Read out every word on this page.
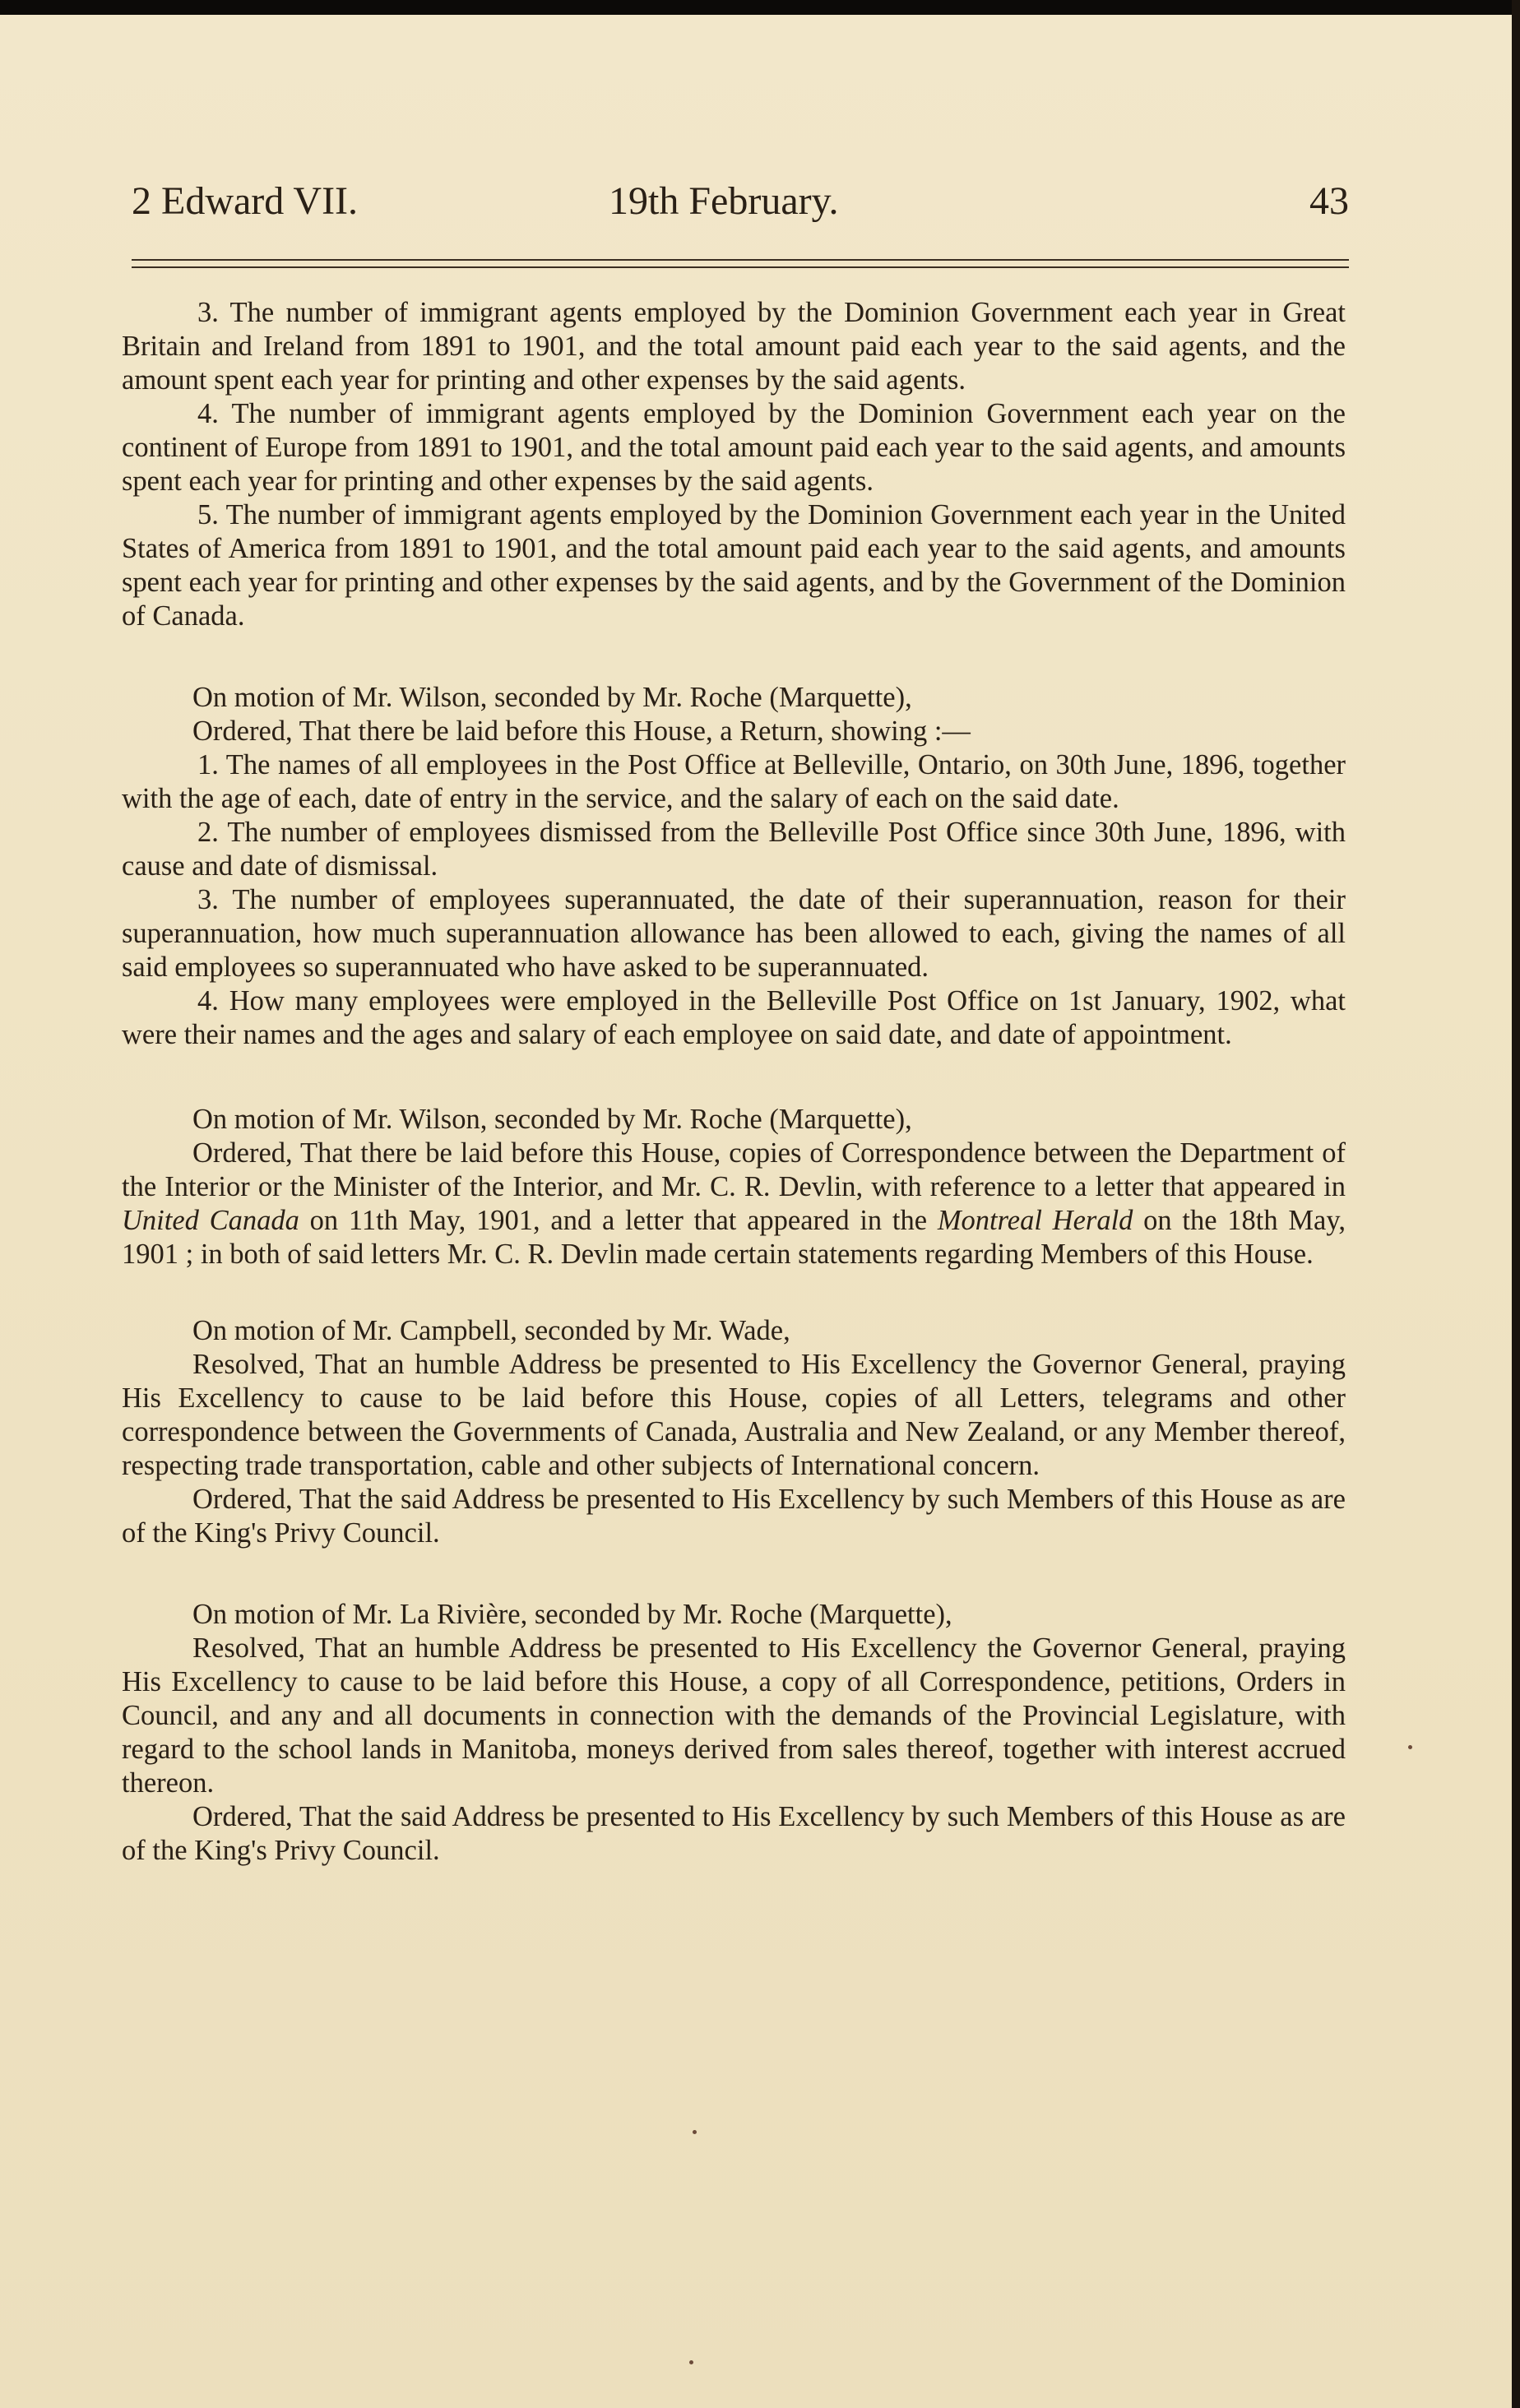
2 Edward VII.	19th February.	43

3. The number of immigrant agents employed by the Dominion Government each year in Great Britain and Ireland from 1891 to 1901, and the total amount paid each year to the said agents, and the amount spent each year for printing and other expenses by the said agents.

4. The number of immigrant agents employed by the Dominion Government each year on the continent of Europe from 1891 to 1901, and the total amount paid each year to the said agents, and amounts spent each year for printing and other expenses by the said agents.

5. The number of immigrant agents employed by the Dominion Government each year in the United States of America from 1891 to 1901, and the total amount paid each year to the said agents, and amounts spent each year for printing and other expenses by the said agents, and by the Government of the Dominion of Canada.

On motion of Mr. Wilson, seconded by Mr. Roche (Marquette),

Ordered, That there be laid before this House, a Return, showing :—

1. The names of all employees in the Post Office at Belleville, Ontario, on 30th June, 1896, together with the age of each, date of entry in the service, and the salary of each on the said date.

2. The number of employees dismissed from the Belleville Post Office since 30th June, 1896, with cause and date of dismissal.

3. The number of employees superannuated, the date of their superannuation, reason for their superannuation, how much superannuation allowance has been allowed to each, giving the names of all said employees so superannuated who have asked to be superannuated.

4. How many employees were employed in the Belleville Post Office on 1st January, 1902, what were their names and the ages and salary of each employee on said date, and date of appointment.

On motion of Mr. Wilson, seconded by Mr. Roche (Marquette),

Ordered, That there be laid before this House, copies of Correspondence between the Department of the Interior or the Minister of the Interior, and Mr. C. R. Devlin, with reference to a letter that appeared in United Canada on 11th May, 1901, and a letter that appeared in the Montreal Herald on the 18th May, 1901 ; in both of said letters Mr. C. R. Devlin made certain statements regarding Members of this House.

On motion of Mr. Campbell, seconded by Mr. Wade,

Resolved, That an humble Address be presented to His Excellency the Governor General, praying His Excellency to cause to be laid before this House, copies of all Letters, telegrams and other correspondence between the Governments of Canada, Australia and New Zealand, or any Member thereof, respecting trade transportation, cable and other subjects of International concern.

Ordered, That the said Address be presented to His Excellency by such Members of this House as are of the King's Privy Council.

On motion of Mr. La Rivière, seconded by Mr. Roche (Marquette),

Resolved, That an humble Address be presented to His Excellency the Governor General, praying His Excellency to cause to be laid before this House, a copy of all Correspondence, petitions, Orders in Council, and any and all documents in connection with the demands of the Provincial Legislature, with regard to the school lands in Manitoba, moneys derived from sales thereof, together with interest accrued thereon.

Ordered, That the said Address be presented to His Excellency by such Members of this House as are of the King's Privy Council.
